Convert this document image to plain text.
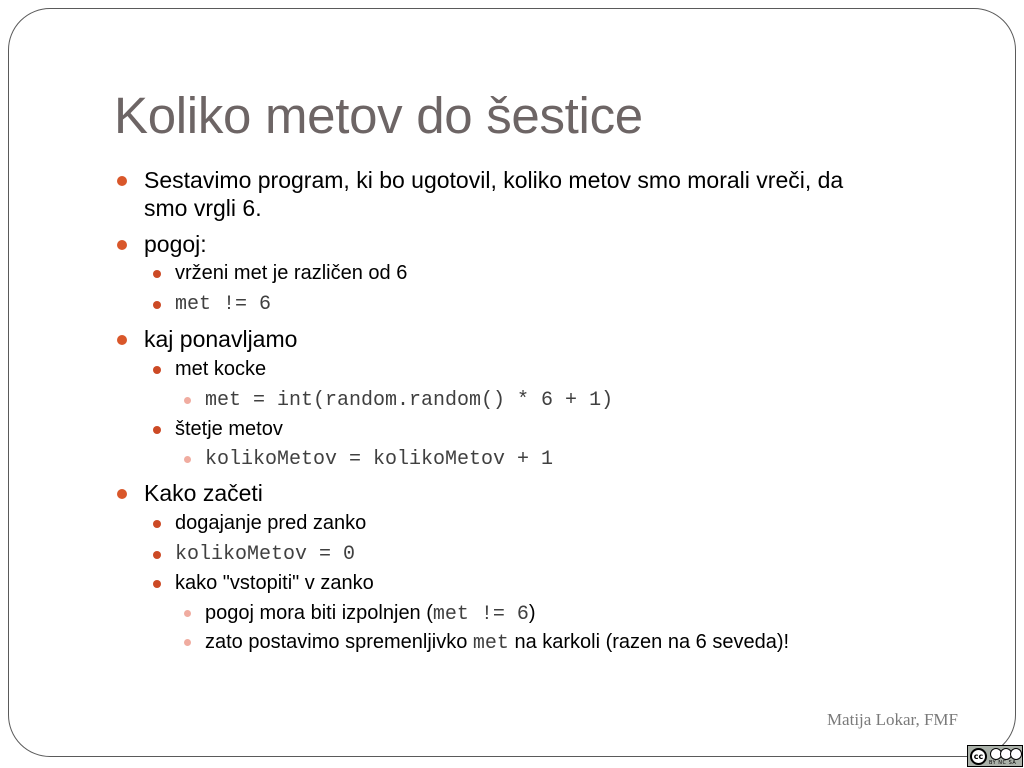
Koliko metov do šestice
Sestavimo program, ki bo ugotovil, koliko metov smo morali vreči, da
smo vrgli 6.
pogoj:
vrženi met je različen od 6
met != 6
kaj ponavljamo
met kocke
met = int(random.random() * 6 + 1)
štetje metov
kolikoMetov = kolikoMetov + 1
Kako začeti
dogajanje pred zanko
kolikoMetov = 0
kako "vstopiti" v zanko
pogoj mora biti izpolnjen (met != 6)
zato postavimo spremenljivko met na karkoli (razen na 6 seveda)!
Matija Lokar, FMF
cc
BY NC SA
